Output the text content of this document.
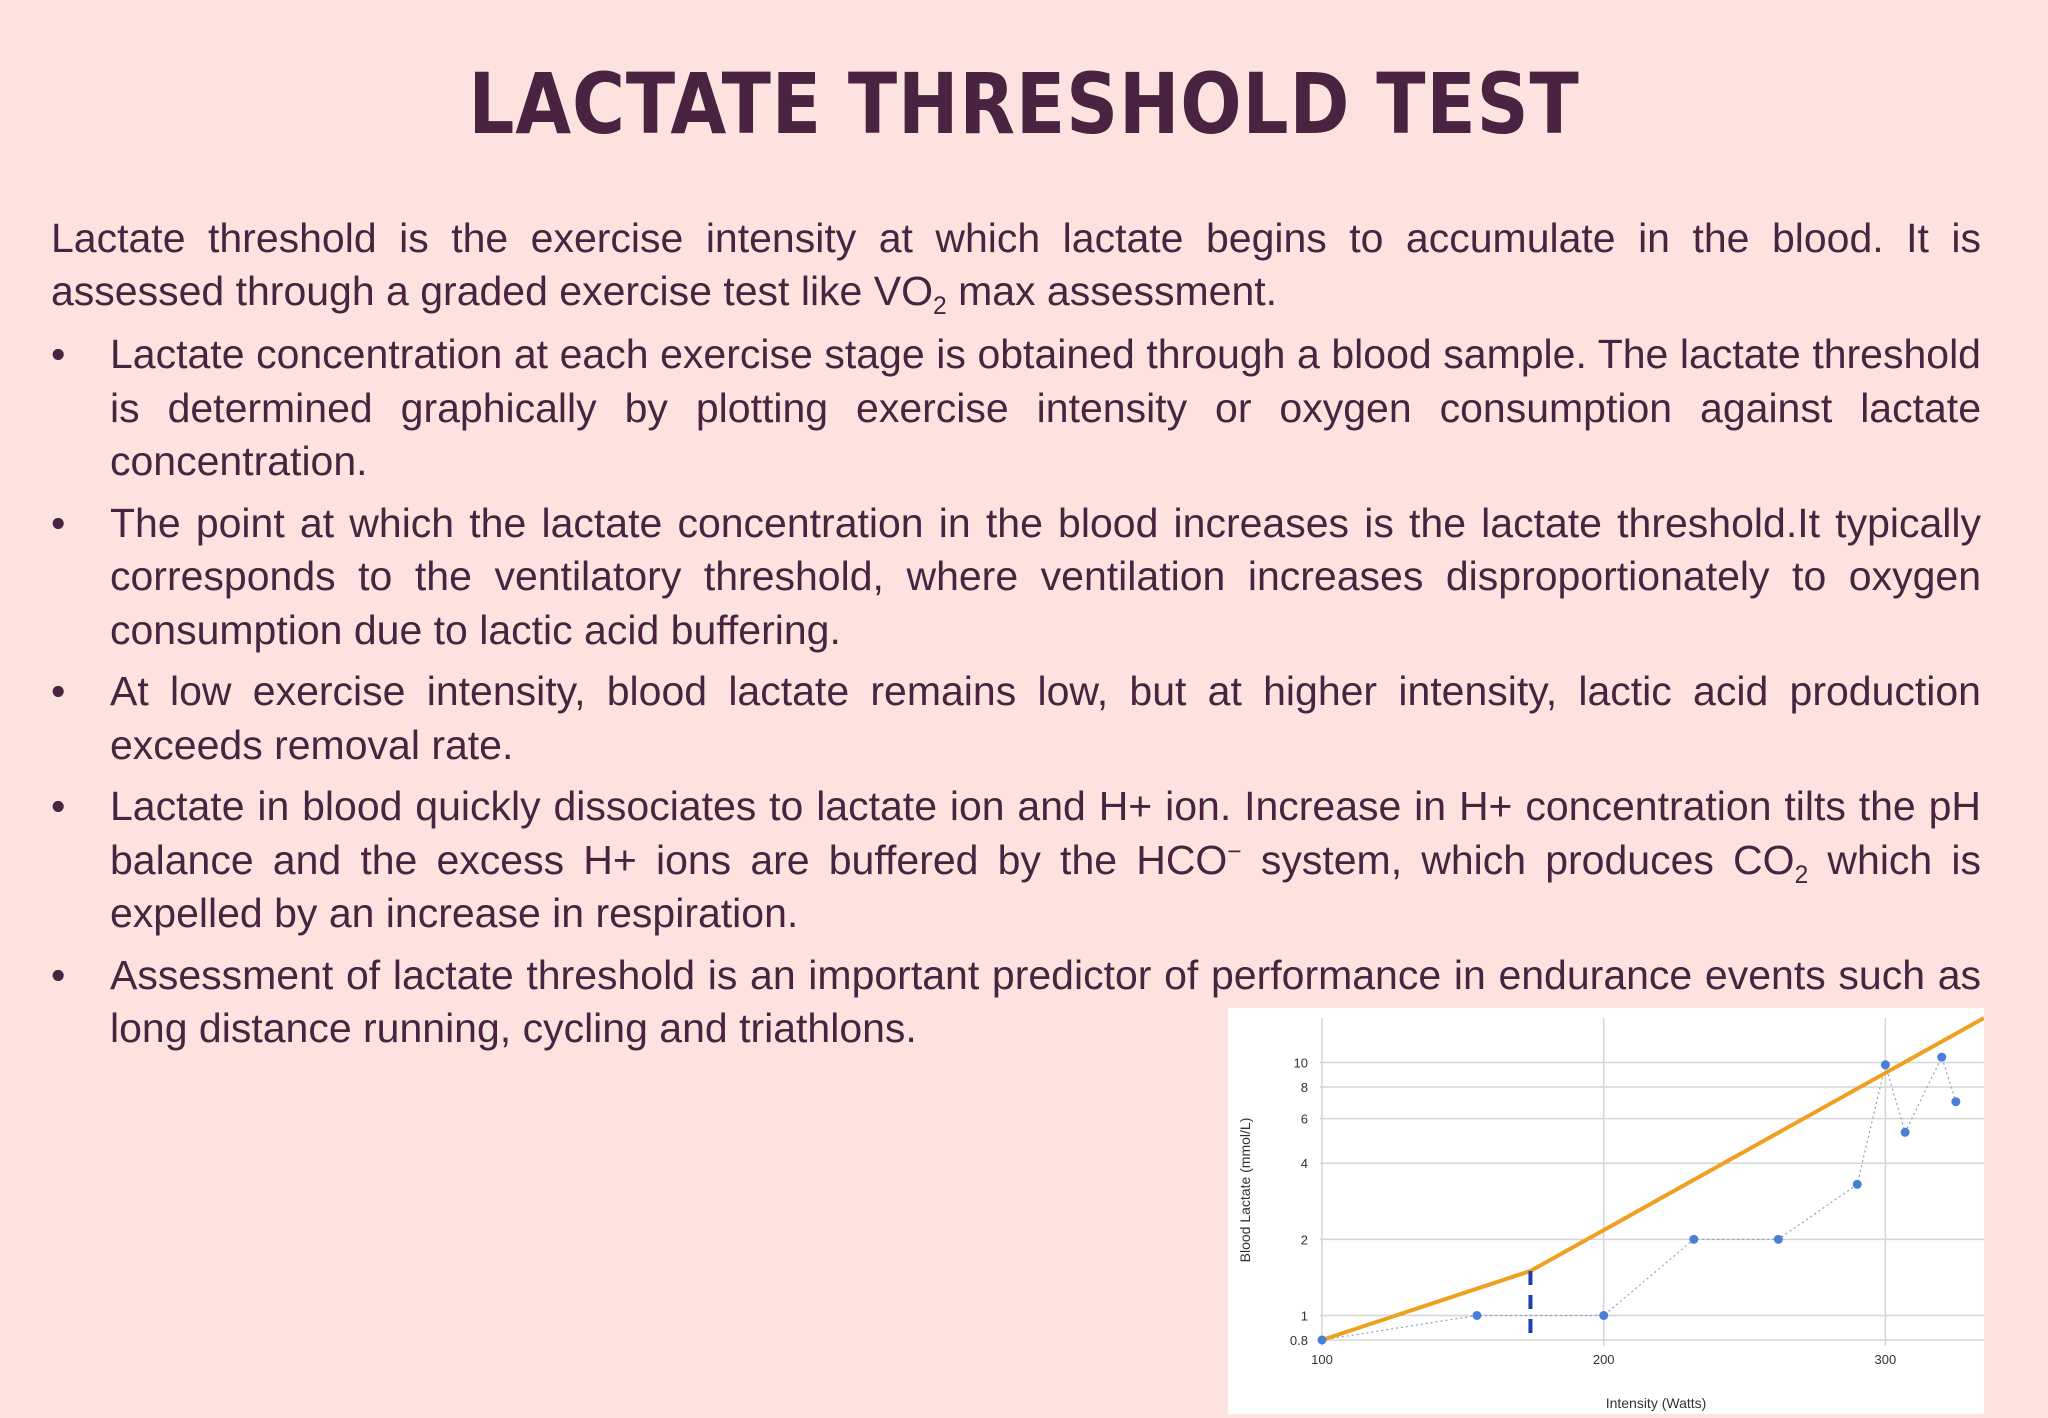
LACTATE THRESHOLD TEST
Lactate threshold is the exercise intensity at which lactate begins to accumulate in the blood. It is assessed through a graded exercise test like $VO_2$ max assessment.
•	Lactate concentration at each exercise stage is obtained through a blood sample. The lactate threshold is determined graphically by plotting exercise intensity or oxygen consumption against lactate concentration.
•	The point at which the lactate concentration in the blood increases is the lactate threshold.It typically corresponds to the ventilatory threshold, where ventilation increases disproportionately to oxygen consumption due to lactic acid buffering.
•	At low exercise intensity, blood lactate remains low, but at higher intensity, lactic acid production exceeds removal rate.
•	Lactate in blood quickly dissociates to lactate ion and H+ ion. Increase in H+ concentration tilts the pH balance and the excess H+ ions are buffered by the HCO− system, which produces $CO_2$ which is expelled by an increase in respiration.
•	Assessment of lactate threshold is an important predictor of performance in endurance events such as long distance running, cycling and triathlons.
0.8
1
2
4
6
8
10
100	200	300
Blood Lactate (mmol/L)
Intensity (Watts)
